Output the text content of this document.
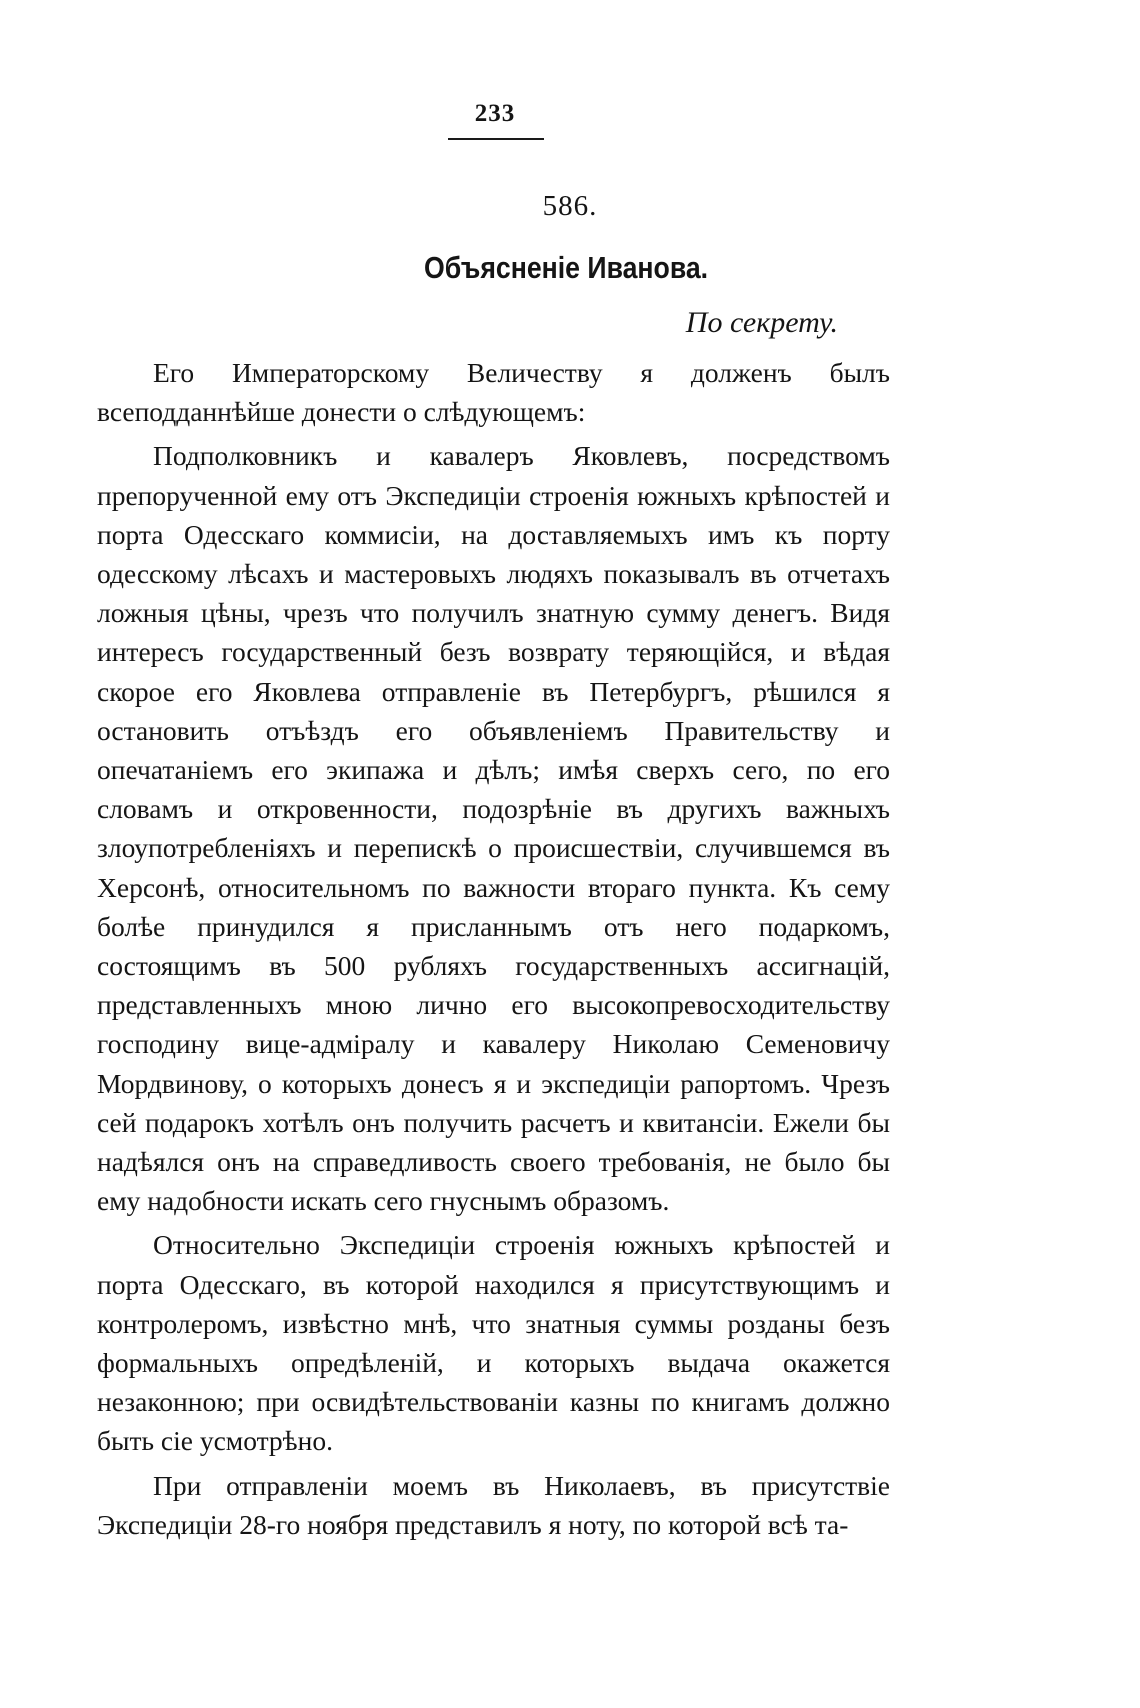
233
586.
Объясненіе Иванова.
По секрету.

Его Императорскому Величеству я долженъ былъ всеподданнѣйше донести о слѣдующемъ:

Подполковникъ и кавалеръ Яковлевъ, посредствомъ препорученной ему отъ Экспедиціи строенія южныхъ крѣпостей и порта Одесскаго коммисіи, на доставляемыхъ имъ къ порту одесскому лѣсахъ и мастеровыхъ людяхъ показывалъ въ отчетахъ ложныя цѣны, чрезъ что получилъ знатную сумму денегъ. Видя интересъ государственный безъ возврату теряющійся, и вѣдая скорое его Яковлева отправленіе въ Петербургъ, рѣшился я остановить отъѣздъ его объявленіемъ Правительству и опечатаніемъ его экипажа и дѣлъ; имѣя сверхъ сего, по его словамъ и откровенности, подозрѣніе въ другихъ важныхъ злоупотребленіяхъ и перепискѣ о происшествіи, случившемся въ Херсонѣ, относительномъ по важности втораго пункта. Къ сему болѣе принудился я присланнымъ отъ него подаркомъ, состоящимъ въ 500 рубляхъ государственныхъ ассигнацій, представленныхъ мною лично его высокопревосходительству господину вице-адміралу и кавалеру Николаю Семеновичу Мордвинову, о которыхъ донесъ я и экспедиціи рапортомъ. Чрезъ сей подарокъ хотѣлъ онъ получить расчетъ и квитансіи. Ежели бы надѣялся онъ на справедливость своего требованія, не было бы ему надобности искать сего гнуснымъ образомъ.

Относительно Экспедиціи строенія южныхъ крѣпостей и порта Одесскаго, въ которой находился я присутствующимъ и контролеромъ, извѣстно мнѣ, что знатныя суммы розданы безъ формальныхъ опредѣленій, и которыхъ выдача окажется незаконною; при освидѣтельствованіи казны по книгамъ должно быть сіе усмотрѣно.

При отправленіи моемъ въ Николаевъ, въ присутствіе Экспедиціи 28-го ноября представилъ я ноту, по которой всѣ та-
